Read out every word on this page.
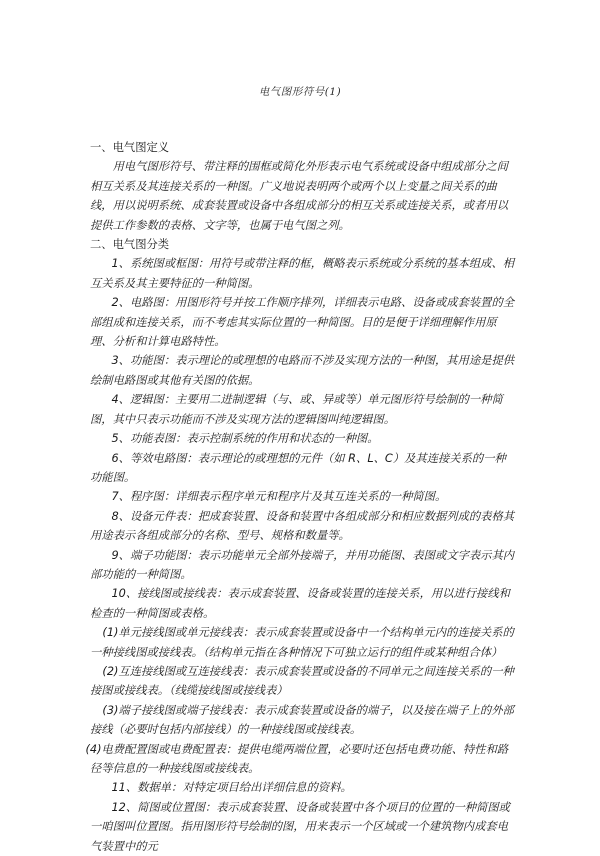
电气图形符号(1)

一、电气图定义

用电气图形符号、带注释的围框或简化外形表示电气系统或设备中组成部分之间相互关系及其连接关系的一种图。广义地说表明两个或两个以上变量之间关系的曲线，用以说明系统、成套装置或设备中各组成部分的相互关系或连接关系，或者用以提供工作参数的表格、文字等，也属于电气图之列。

二、电气图分类

1、系统图或框图：用符号或带注释的框，概略表示系统或分系统的基本组成、相互关系及其主要特征的一种简图。

2、电路图：用图形符号并按工作顺序排列，详细表示电路、设备或成套装置的全部组成和连接关系，而不考虑其实际位置的一种简图。目的是便于详细理解作用原理、分析和计算电路特性。

3、功能图：表示理论的或理想的电路而不涉及实现方法的一种图，其用途是提供绘制电路图或其他有关图的依据。

4、逻辑图：主要用二进制逻辑（与、或、异或等）单元图形符号绘制的一种简图，其中只表示功能而不涉及实现方法的逻辑图叫纯逻辑图。

5、功能表图：表示控制系统的作用和状态的一种图。

6、等效电路图：表示理论的或理想的元件（如 R、L、C）及其连接关系的一种功能图。

7、程序图：详细表示程序单元和程序片及其互连关系的一种简图。

8、设备元件表：把成套装置、设备和装置中各组成部分和相应数据列成的表格其用途表示各组成部分的名称、型号、规格和数量等。

9、端子功能图：表示功能单元全部外接端子，并用功能图、表图或文字表示其内部功能的一种简图。

10、接线图或接线表：表示成套装置、设备或装置的连接关系，用以进行接线和检查的一种简图或表格。

(1)单元接线图或单元接线表：表示成套装置或设备中一个结构单元内的连接关系的一种接线图或接线表。（结构单元指在各种情况下可独立运行的组件或某种组合体）

(2)互连接线图或互连接线表：表示成套装置或设备的不同单元之间连接关系的一种接图或接线表。（线缆接线图或接线表）

(3)端子接线图或端子接线表：表示成套装置或设备的端子，以及接在端子上的外部接线（必要时包括内部接线）的一种接线图或接线表。

(4)电费配置图或电费配置表：提供电缆两端位置，必要时还包括电费功能、特性和路径等信息的一种接线图或接线表。

11、数据单：对特定项目给出详细信息的资料。

12、简图或位置图：表示成套装置、设备或装置中各个项目的位置的一种简图或一咱图叫位置图。指用图形符号绘制的图，用来表示一个区域或一个建筑物内成套电气装置中的元
